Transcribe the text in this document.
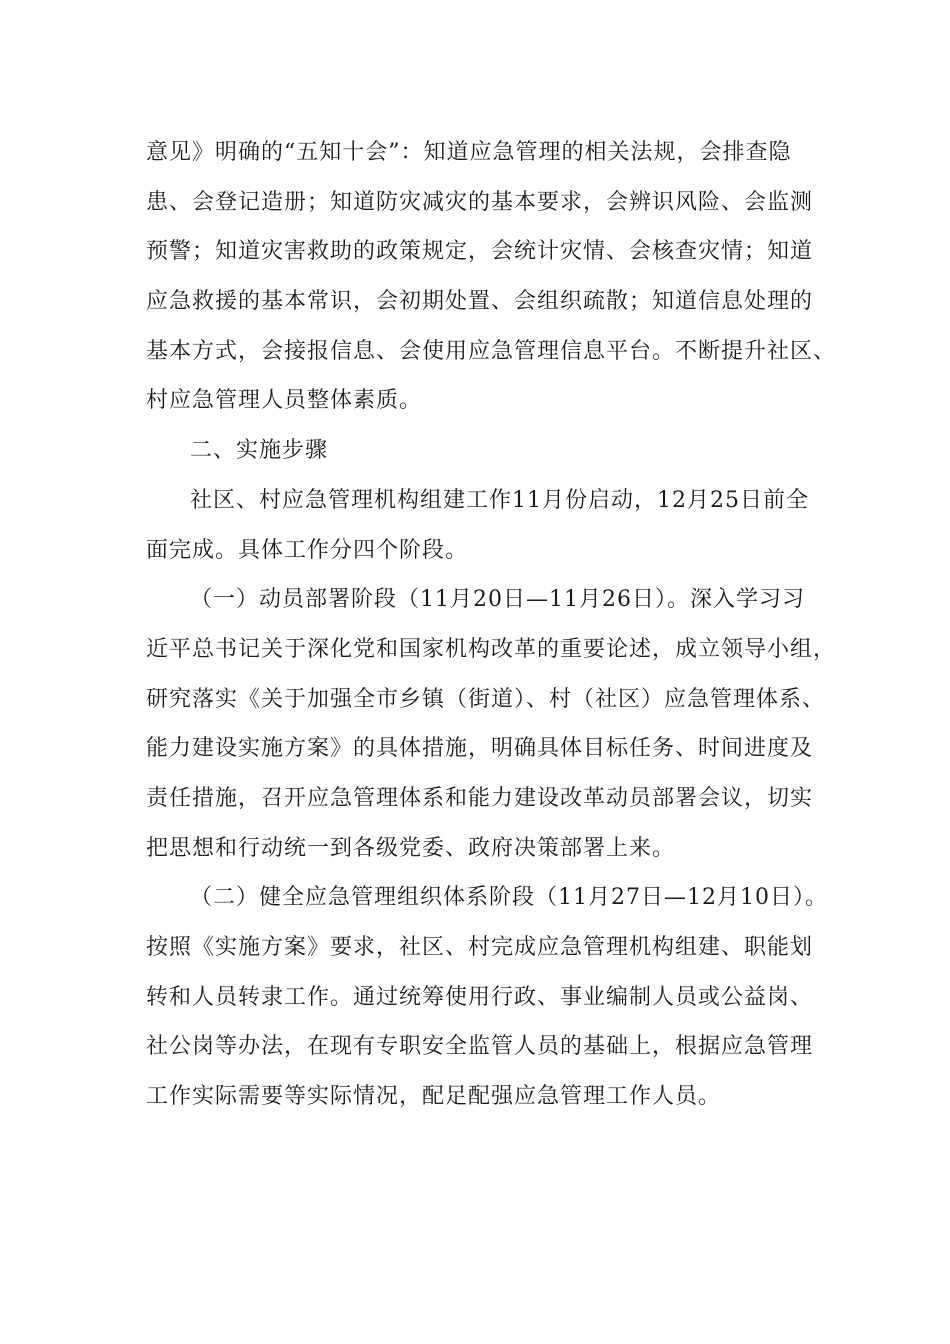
意见》明确的“五知十会”：知道应急管理的相关法规，会排查隐
患、会登记造册；知道防灾减灾的基本要求，会辨识风险、会监测
预警；知道灾害救助的政策规定，会统计灾情、会核查灾情；知道
应急救援的基本常识，会初期处置、会组织疏散；知道信息处理的
基本方式，会接报信息、会使用应急管理信息平台。不断提升社区、
村应急管理人员整体素质。
二、实施步骤
社区、村应急管理机构组建工作11月份启动，12月25日前全
面完成。具体工作分四个阶段。
（一）动员部署阶段（11月20日—11月26日）。深入学习习
近平总书记关于深化党和国家机构改革的重要论述，成立领导小组，
研究落实《关于加强全市乡镇（街道）、村（社区）应急管理体系、
能力建设实施方案》的具体措施，明确具体目标任务、时间进度及
责任措施，召开应急管理体系和能力建设改革动员部署会议，切实
把思想和行动统一到各级党委、政府决策部署上来。
（二）健全应急管理组织体系阶段（11月27日—12月10日）。
按照《实施方案》要求，社区、村完成应急管理机构组建、职能划
转和人员转隶工作。通过统筹使用行政、事业编制人员或公益岗、
社公岗等办法，在现有专职安全监管人员的基础上，根据应急管理
工作实际需要等实际情况，配足配强应急管理工作人员。
